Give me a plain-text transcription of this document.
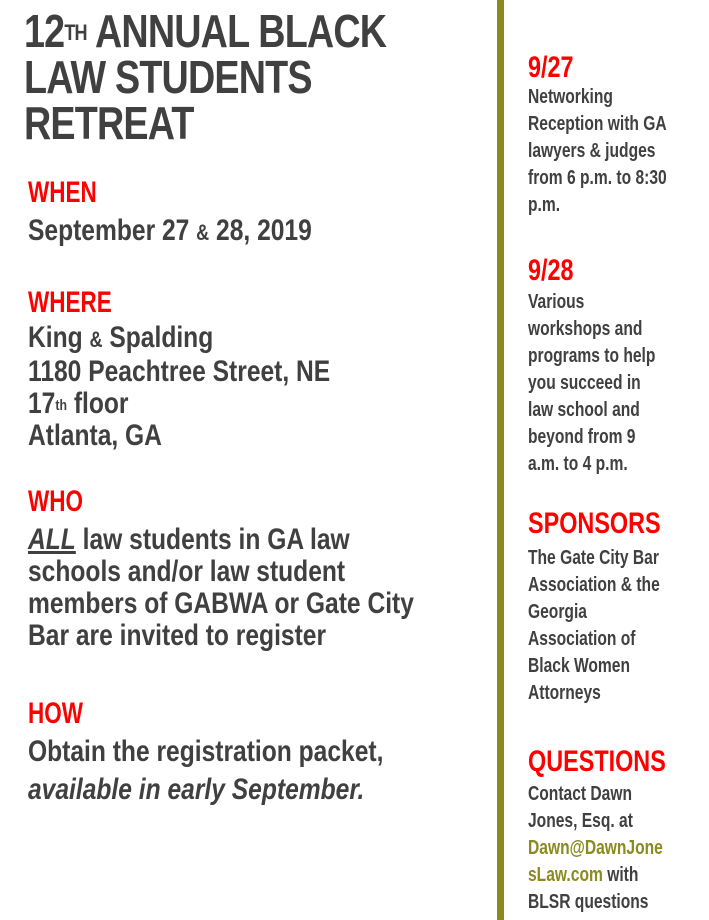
12TH ANNUAL BLACK
LAW STUDENTS
RETREAT
WHEN
September 27 & 28, 2019
WHERE
King & Spalding
1180 Peachtree Street, NE
17th floor
Atlanta, GA
WHO
ALL law students in GA law
schools and/or law student
members of GABWA or Gate City
Bar are invited to register
HOW
Obtain the registration packet,
available in early September.
9/27
Networking
Reception with GA
lawyers & judges
from 6 p.m. to 8:30
p.m.
9/28
Various
workshops and
programs to help
you succeed in
law school and
beyond from 9
a.m. to 4 p.m.
SPONSORS
The Gate City Bar
Association & the
Georgia
Association of
Black Women
Attorneys
QUESTIONS
Contact Dawn
Jones, Esq. at
Dawn@DawnJone
sLaw.com with
BLSR questions
